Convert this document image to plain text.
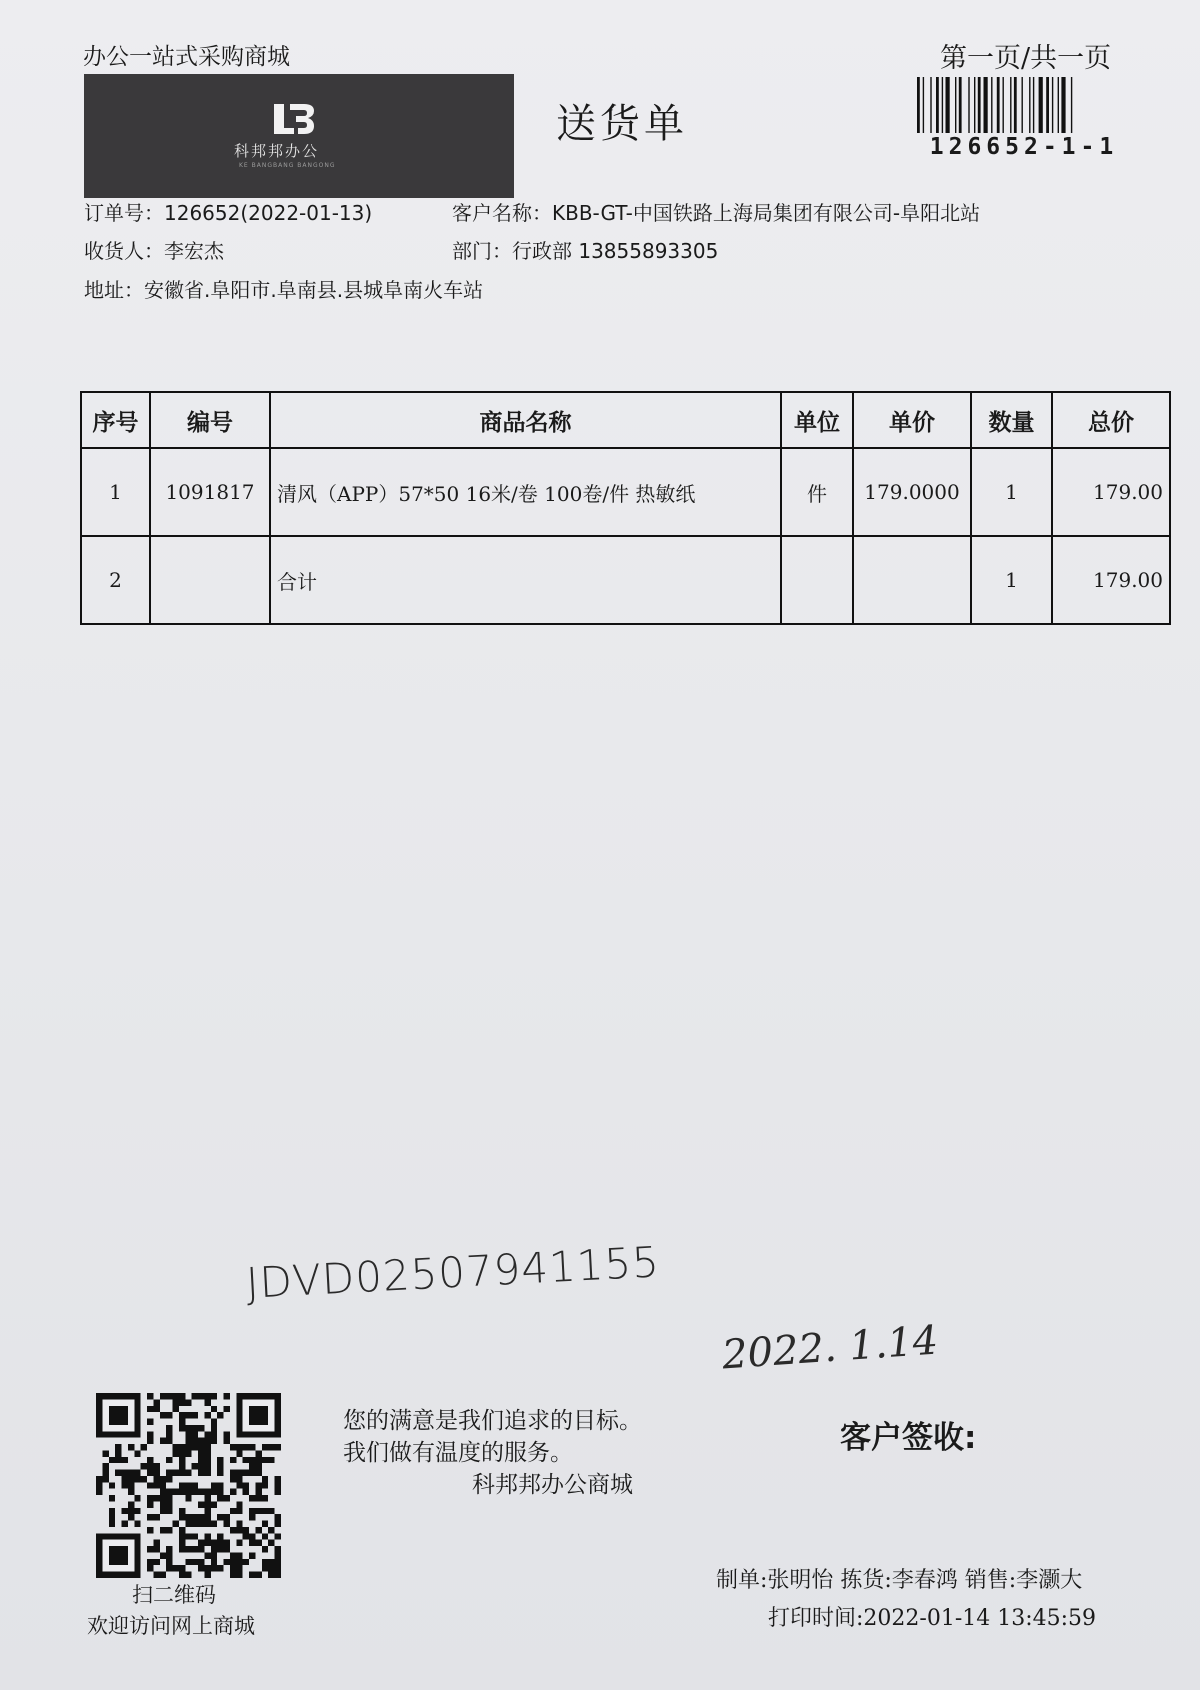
办公一站式采购商城
科邦邦办公
KE BANGBANG BANGONG
送货单
第一页/共一页
126652-1-1
订单号：126652(2022-01-13)	客户名称：KBB-GT-中国铁路上海局集团有限公司-阜阳北站
收货人：李宏杰	部门：行政部 13855893305
地址：安徽省.阜阳市.阜南县.县城阜南火车站
序号	编号	商品名称	单位	单价	数量	总价
1	1091817	清风（APP）57*50 16米/卷 100卷/件 热敏纸	件	179.0000	1	179.00
2		合计			1	179.00
JDVD02507941155
2022. 1.14
扫二维码
欢迎访问网上商城
您的满意是我们追求的目标。
我们做有温度的服务。
科邦邦办公商城
客户签收:
制单:张明怡 拣货:李春鸿 销售:李灏大
打印时间:2022-01-14 13:45:59
